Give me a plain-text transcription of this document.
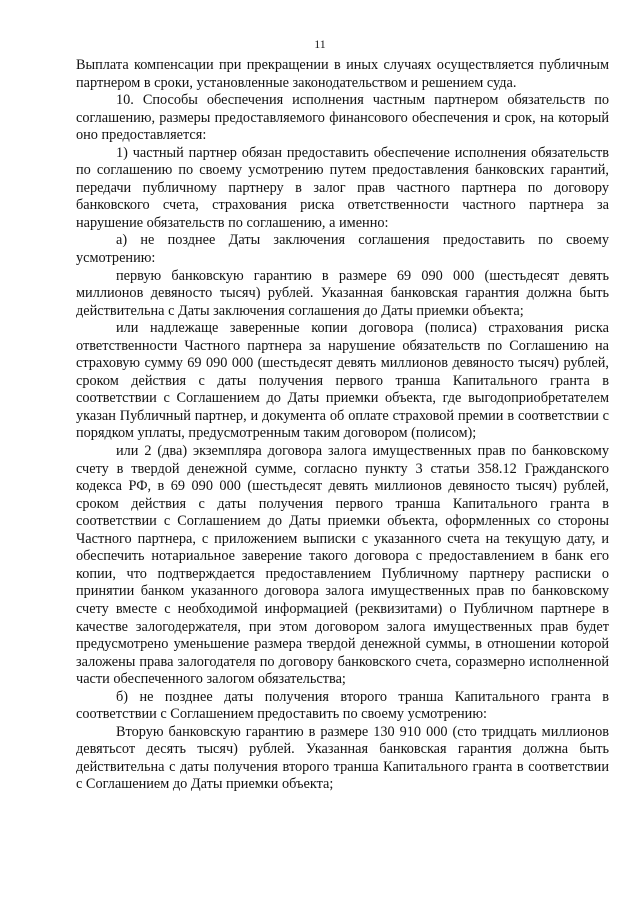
11

Выплата компенсации при прекращении в иных случаях осуществляется публичным партнером в сроки, установленные законодательством и решением суда.

10. Способы обеспечения исполнения частным партнером обязательств по соглашению, размеры предоставляемого финансового обеспечения и срок, на который оно предоставляется:

1) частный партнер обязан предоставить обеспечение исполнения обязательств по соглашению по своему усмотрению путем предоставления банковских гарантий, передачи публичному партнеру в залог прав частного партнера по договору банковского счета, страхования риска ответственности частного партнера за нарушение обязательств по соглашению, а именно:

а) не позднее Даты заключения соглашения предоставить по своему усмотрению:

первую банковскую гарантию в размере 69 090 000 (шестьдесят девять миллионов девяносто тысяч) рублей. Указанная банковская гарантия должна быть действительна с Даты заключения соглашения до Даты приемки объекта;

или надлежаще заверенные копии договора (полиса) страхования риска ответственности Частного партнера за нарушение обязательств по Соглашению на страховую сумму 69 090 000 (шестьдесят девять миллионов девяносто тысяч) рублей, сроком действия с даты получения первого транша Капитального гранта в соответствии с Соглашением до Даты приемки объекта, где выгодоприобретателем указан Публичный партнер, и документа об оплате страховой премии в соответствии с порядком уплаты, предусмотренным таким договором (полисом);

или 2 (два) экземпляра договора залога имущественных прав по банковскому счету в твердой денежной сумме, согласно пункту 3 статьи 358.12 Гражданского кодекса РФ, в 69 090 000 (шестьдесят девять миллионов девяносто тысяч) рублей, сроком действия с даты получения первого транша Капитального гранта в соответствии с Соглашением до Даты приемки объекта, оформленных со стороны Частного партнера, с приложением выписки с указанного счета на текущую дату, и обеспечить нотариальное заверение такого договора с предоставлением в банк его копии, что подтверждается предоставлением Публичному партнеру расписки о принятии банком указанного договора залога имущественных прав по банковскому счету вместе с необходимой информацией (реквизитами) о Публичном партнере в качестве залогодержателя, при этом договором залога имущественных прав будет предусмотрено уменьшение размера твердой денежной суммы, в отношении которой заложены права залогодателя по договору банковского счета, соразмерно исполненной части обеспеченного залогом обязательства;

б) не позднее даты получения второго транша Капитального гранта в соответствии с Соглашением предоставить по своему усмотрению:

Вторую банковскую гарантию в размере 130 910 000 (сто тридцать миллионов девятьсот десять тысяч) рублей. Указанная банковская гарантия должна быть действительна с даты получения второго транша Капитального гранта в соответствии с Соглашением до Даты приемки объекта;
